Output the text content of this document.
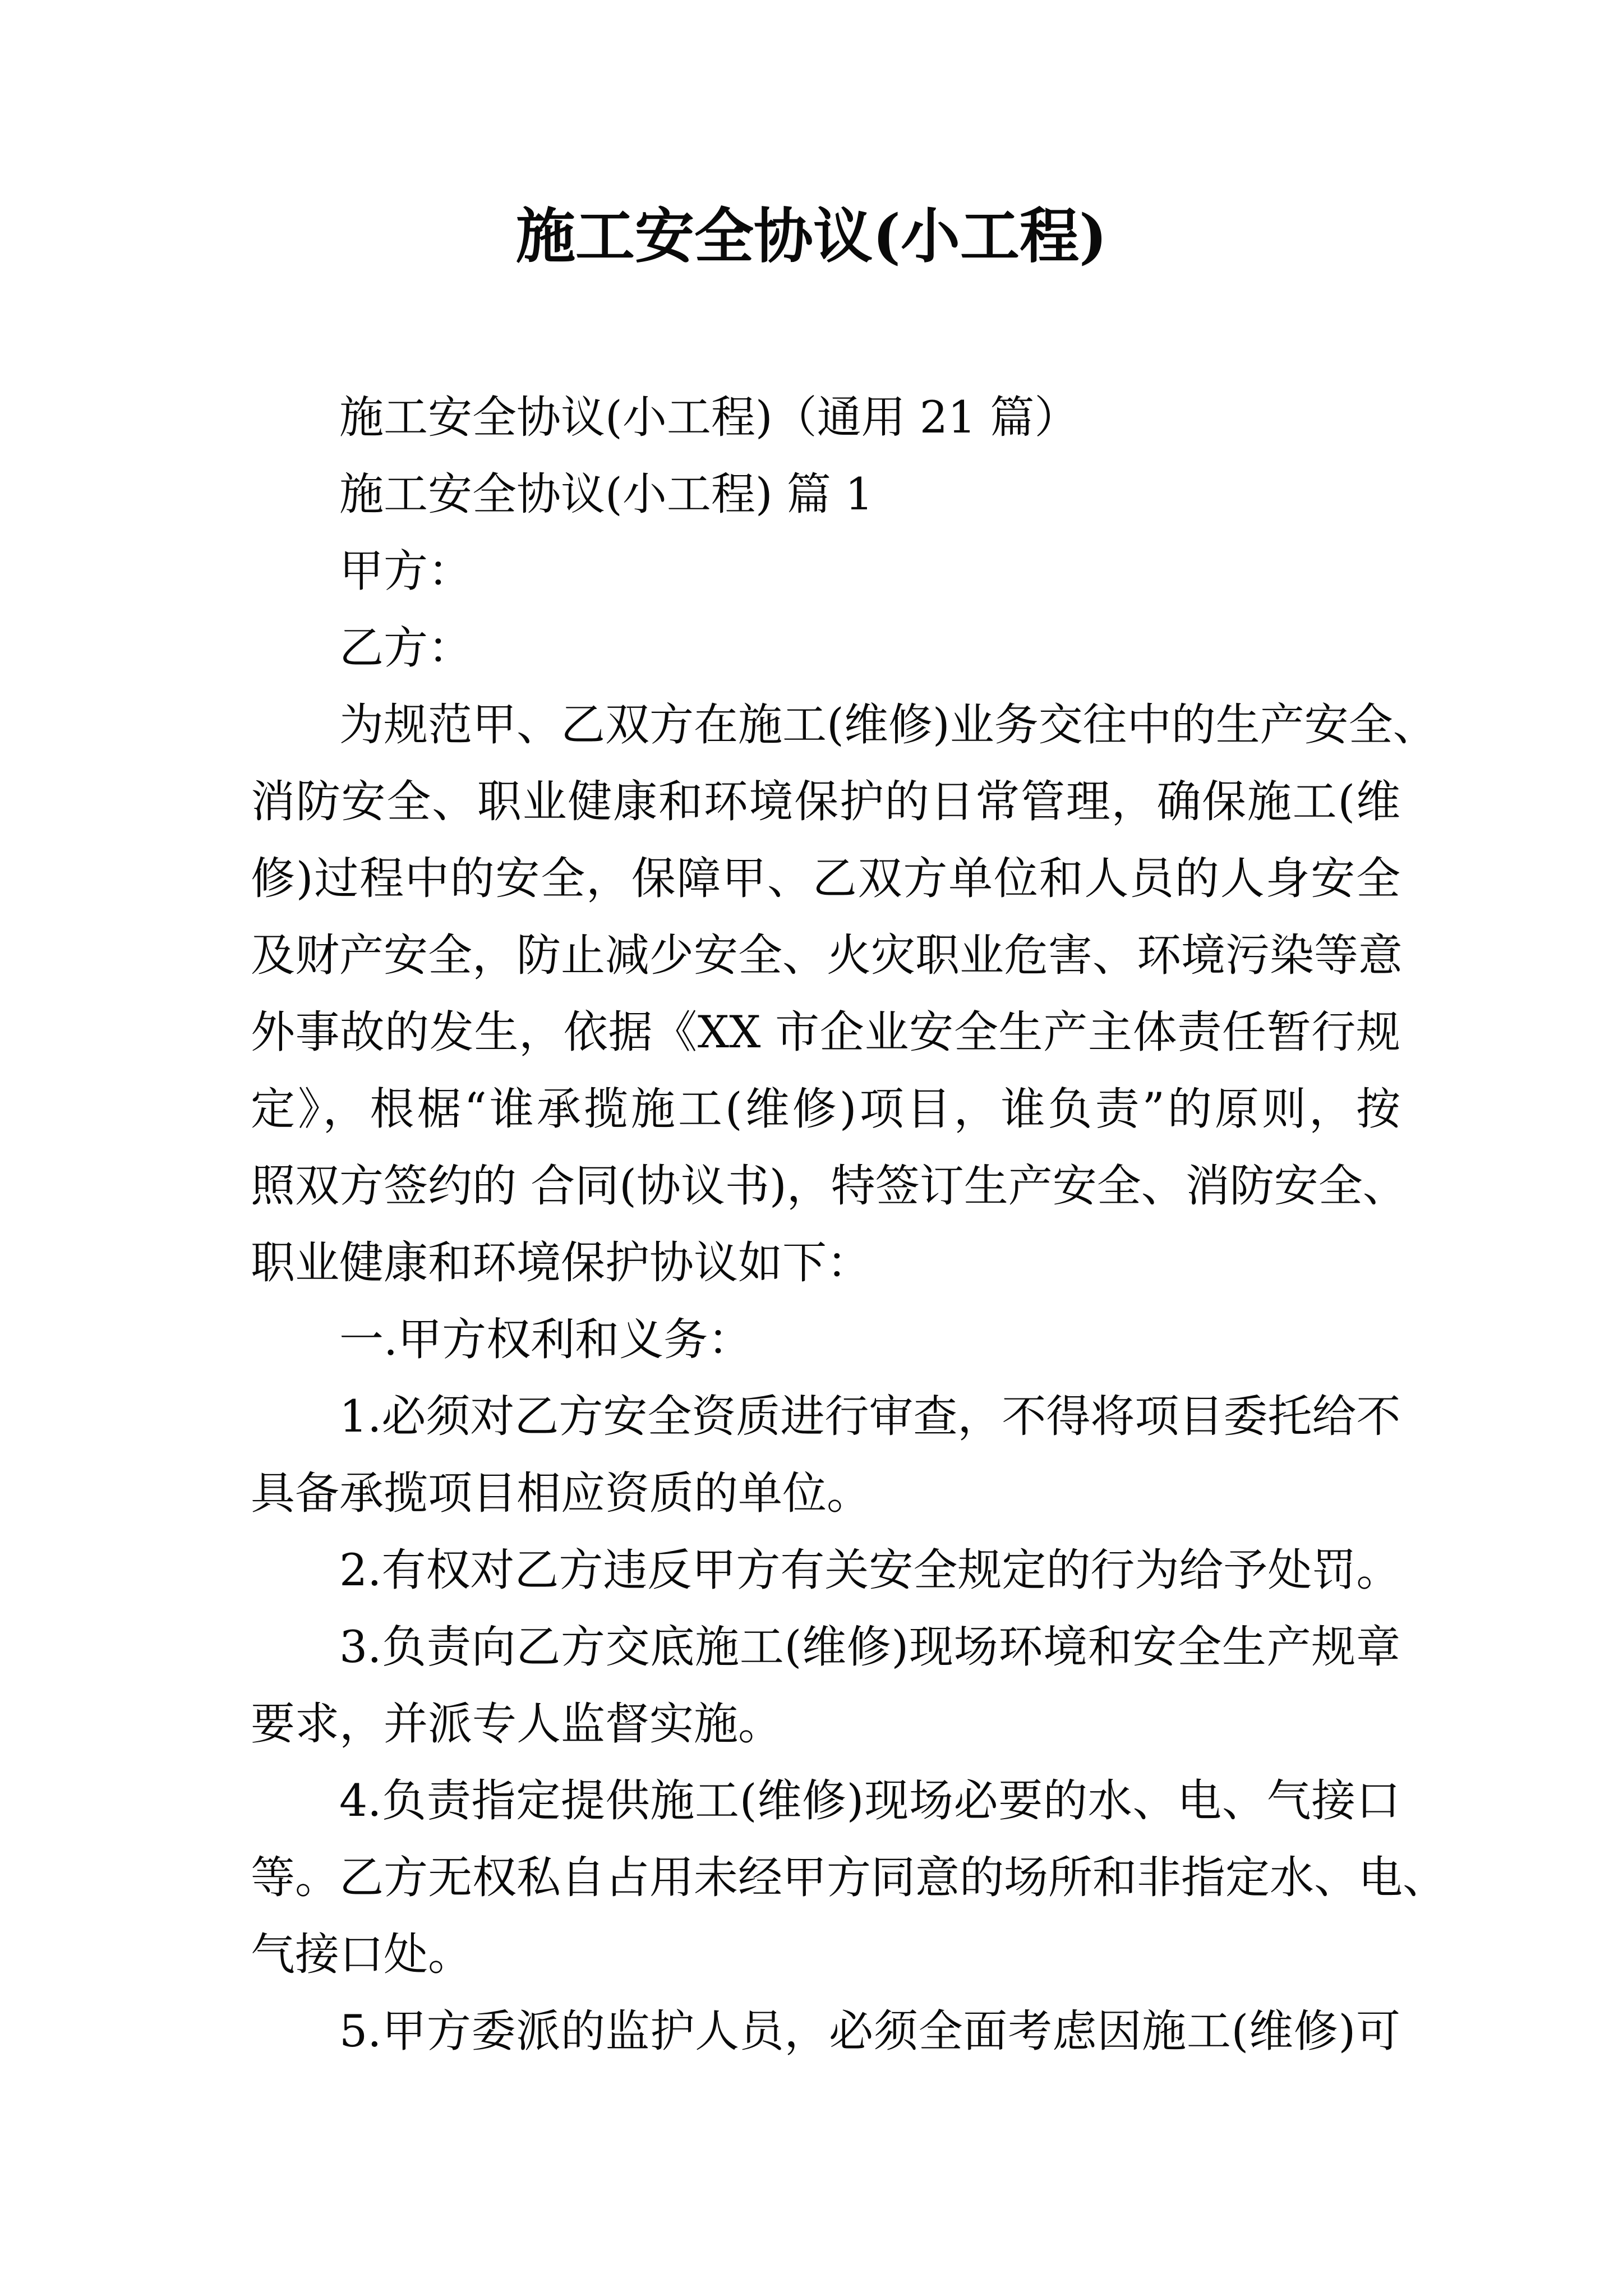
施工安全协议(小工程)
施工安全协议(小工程)（通用 21 篇）
施工安全协议(小工程) 篇 1
甲方：
乙方：
为规范甲、乙双方在施工(维修)业务交往中的生产安全、
消防安全、职业健康和环境保护的日常管理，确保施工(维
修)过程中的安全，保障甲、乙双方单位和人员的人身安全
及财产安全，防止减少安全、火灾职业危害、环境污染等意
外事故的发生，依据《XX 市企业安全生产主体责任暂行规
定》，根椐“谁承揽施工(维修)项目，谁负责”的原则，按
照双方签约的 合同(协议书)，特签订生产安全、消防安全、
职业健康和环境保护协议如下：
一.甲方权利和义务：
1.必须对乙方安全资质进行审查，不得将项目委托给不
具备承揽项目相应资质的单位。
2.有权对乙方违反甲方有关安全规定的行为给予处罚。
3.负责向乙方交底施工(维修)现场环境和安全生产规章
要求，并派专人监督实施。
4.负责指定提供施工(维修)现场必要的水、电、气接口
等。乙方无权私自占用未经甲方同意的场所和非指定水、电、
气接口处。
5.甲方委派的监护人员，必须全面考虑因施工(维修)可
